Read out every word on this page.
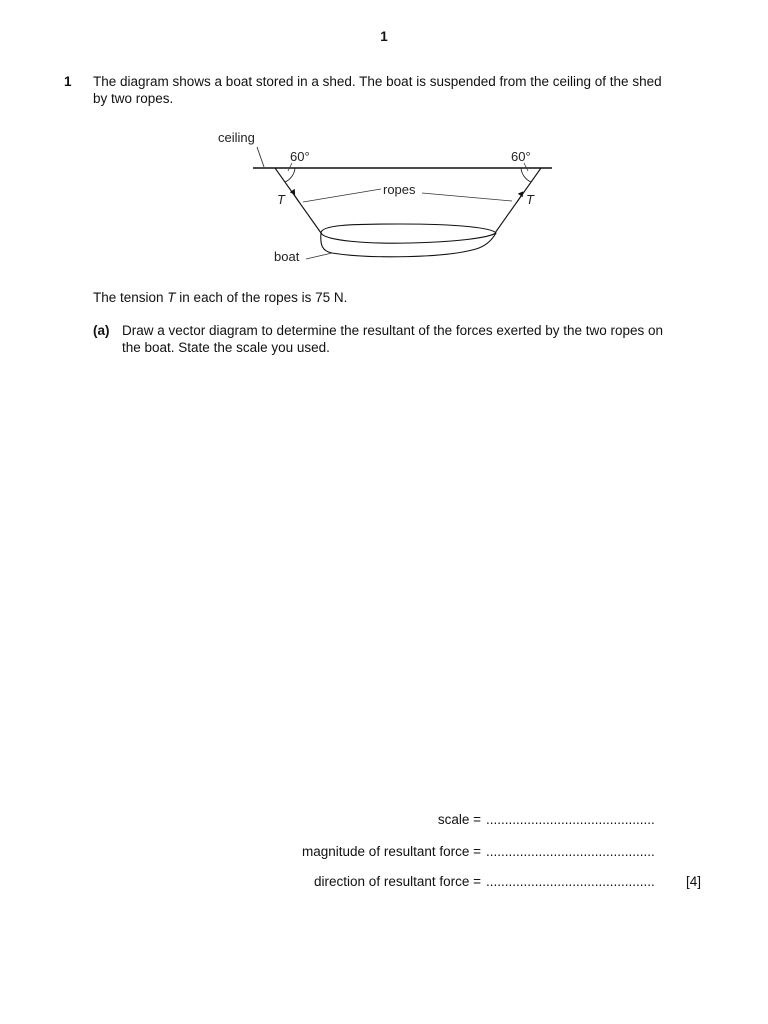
1
1 The diagram shows a boat stored in a shed. The boat is suspended from the ceiling of the shed
by two ropes.
ceiling
60°	60°
T	T
ropes
boat
The tension T in each of the ropes is 75 N.
(a) Draw a vector diagram to determine the resultant of the forces exerted by the two ropes on
the boat. State the scale you used.
scale = .............................................
magnitude of resultant force = .............................................
direction of resultant force = ............................................. [4]
